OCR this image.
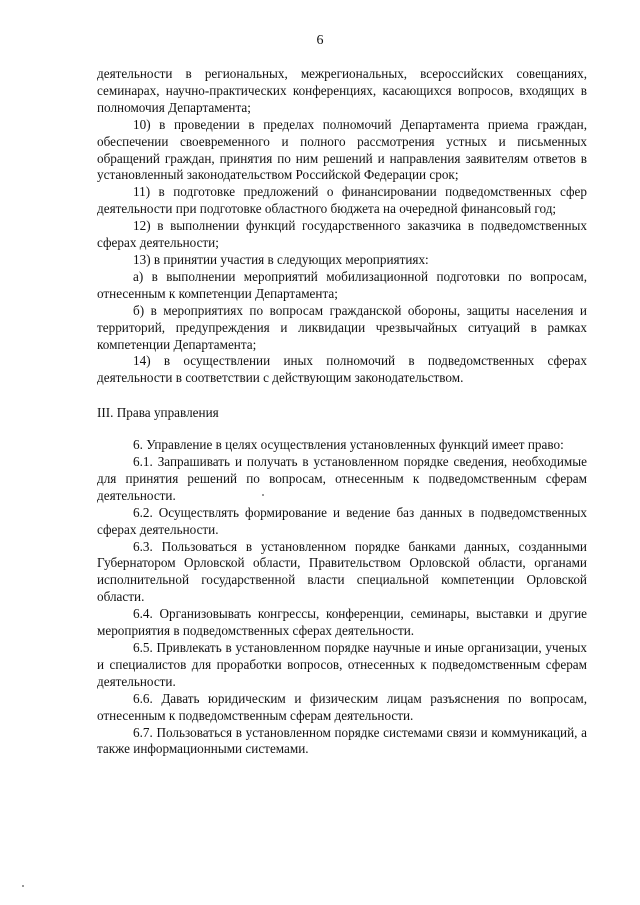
6

деятельности в региональных, межрегиональных, всероссийских совещаниях, семинарах, научно-практических конференциях, касающихся вопросов, входящих в полномочия Департамента;

10) в проведении в пределах полномочий Департамента приема граждан, обеспечении своевременного и полного рассмотрения устных и письменных обращений граждан, принятия по ним решений и направления заявителям ответов в установленный законодательством Российской Федерации срок;

11) в подготовке предложений о финансировании подведомственных сфер деятельности при подготовке областного бюджета на очередной финансовый год;

12) в выполнении функций государственного заказчика в подведомственных сферах деятельности;

13) в принятии участия в следующих мероприятиях:

а) в выполнении мероприятий мобилизационной подготовки по вопросам, отнесенным к компетенции Департамента;

б) в мероприятиях по вопросам гражданской обороны, защиты населения и территорий, предупреждения и ликвидации чрезвычайных ситуаций в рамках компетенции Департамента;

14) в осуществлении иных полномочий в подведомственных сферах деятельности в соответствии с действующим законодательством.

III. Права управления

6. Управление в целях осуществления установленных функций имеет право:

6.1. Запрашивать и получать в установленном порядке сведения, необходимые для принятия решений по вопросам, отнесенным к подведомственным сферам деятельности.

6.2. Осуществлять формирование и ведение баз данных в подведомственных сферах деятельности.

6.3. Пользоваться в установленном порядке банками данных, созданными Губернатором Орловской области, Правительством Орловской области, органами исполнительной государственной власти специальной компетенции Орловской области.

6.4. Организовывать конгрессы, конференции, семинары, выставки и другие мероприятия в подведомственных сферах деятельности.

6.5. Привлекать в установленном порядке научные и иные организации, ученых и специалистов для проработки вопросов, отнесенных к подведомственным сферам деятельности.

6.6. Давать юридическим и физическим лицам разъяснения по вопросам, отнесенным к подведомственным сферам деятельности.

6.7. Пользоваться в установленном порядке системами связи и коммуникаций, а также информационными системами.
